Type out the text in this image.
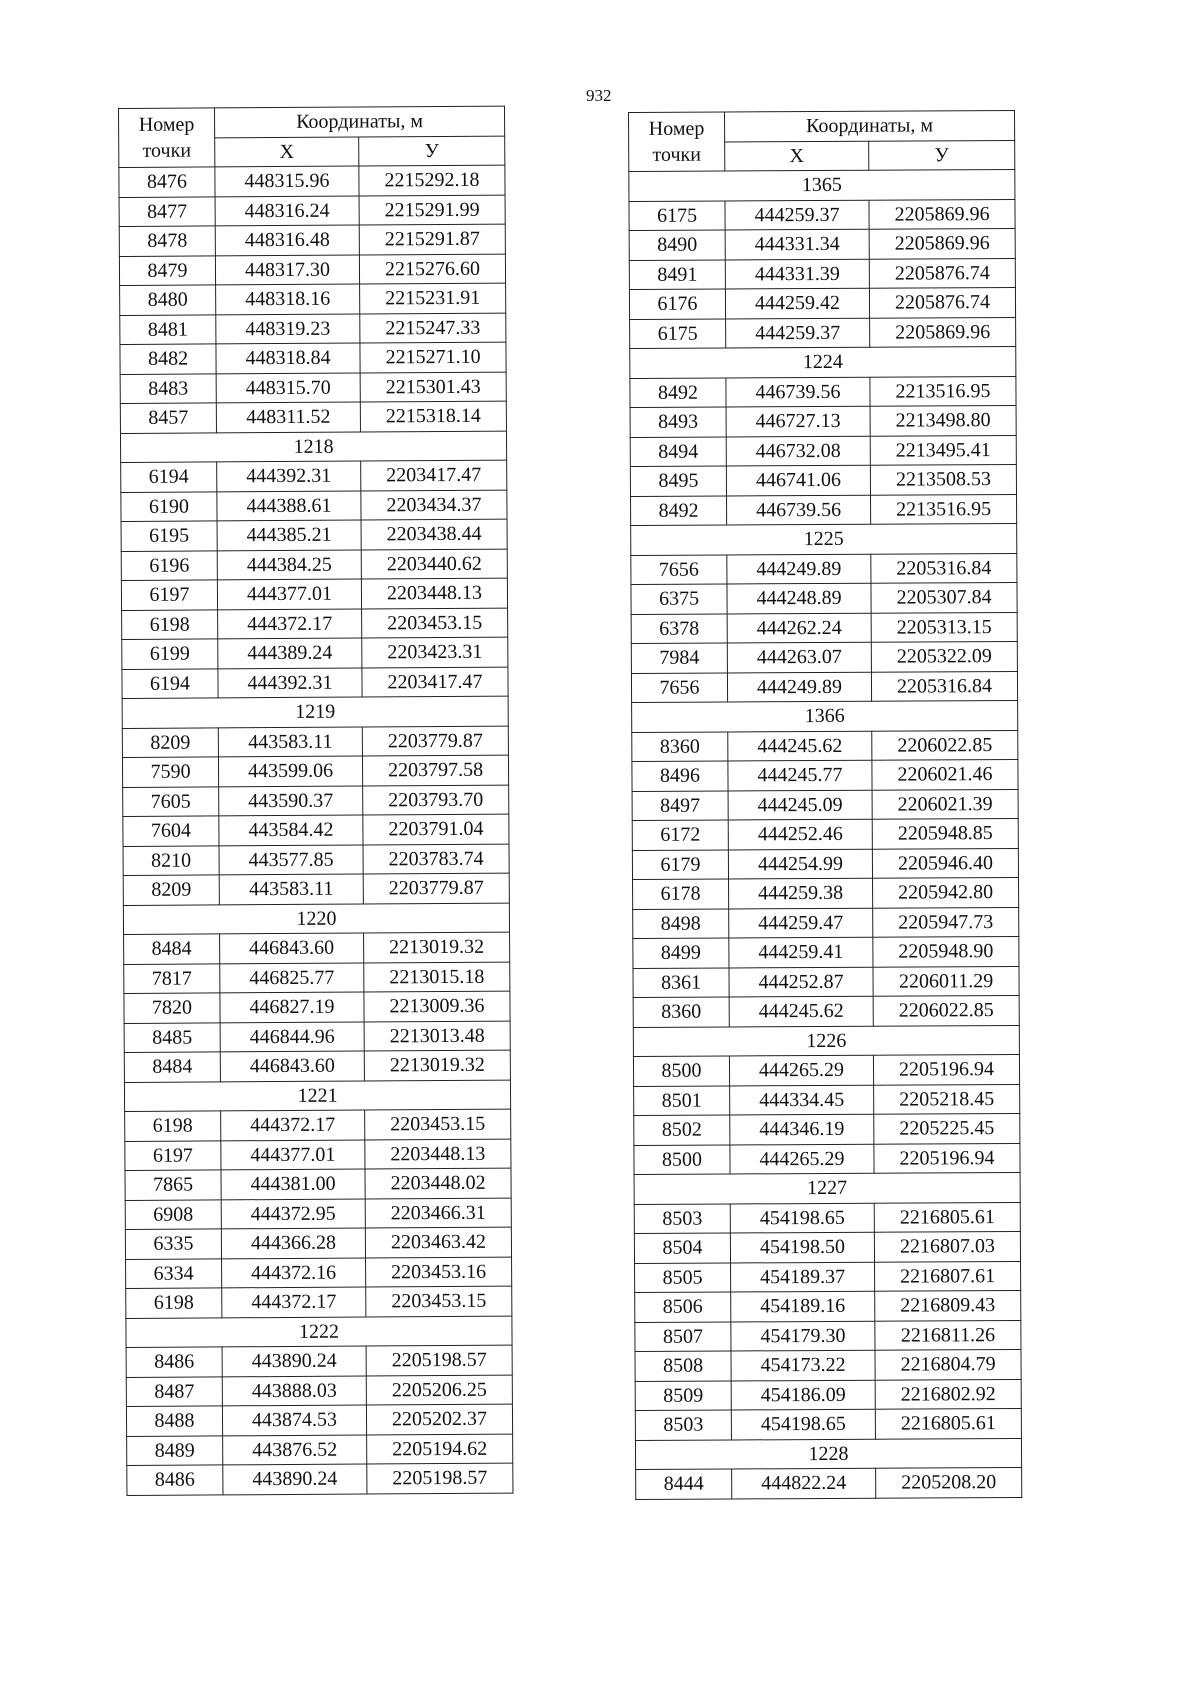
932
Номер
точки	Координаты, м	
	X	У
8476	448315.96	2215292.18
8477	448316.24	2215291.99
8478	448316.48	2215291.87
8479	448317.30	2215276.60
8480	448318.16	2215231.91
8481	448319.23	2215247.33
8482	448318.84	2215271.10
8483	448315.70	2215301.43
8457	448311.52	2215318.14
1218		
6194	444392.31	2203417.47
6190	444388.61	2203434.37
6195	444385.21	2203438.44
6196	444384.25	2203440.62
6197	444377.01	2203448.13
6198	444372.17	2203453.15
6199	444389.24	2203423.31
6194	444392.31	2203417.47
1219		
8209	443583.11	2203779.87
7590	443599.06	2203797.58
7605	443590.37	2203793.70
7604	443584.42	2203791.04
8210	443577.85	2203783.74
8209	443583.11	2203779.87
1220		
8484	446843.60	2213019.32
7817	446825.77	2213015.18
7820	446827.19	2213009.36
8485	446844.96	2213013.48
8484	446843.60	2213019.32
1221		
6198	444372.17	2203453.15
6197	444377.01	2203448.13
7865	444381.00	2203448.02
6908	444372.95	2203466.31
6335	444366.28	2203463.42
6334	444372.16	2203453.16
6198	444372.17	2203453.15
1222		
8486	443890.24	2205198.57
8487	443888.03	2205206.25
8488	443874.53	2205202.37
8489	443876.52	2205194.62
8486	443890.24	2205198.57
Номер
точки	Координаты, м	
	X	У
1365		
6175	444259.37	2205869.96
8490	444331.34	2205869.96
8491	444331.39	2205876.74
6176	444259.42	2205876.74
6175	444259.37	2205869.96
1224		
8492	446739.56	2213516.95
8493	446727.13	2213498.80
8494	446732.08	2213495.41
8495	446741.06	2213508.53
8492	446739.56	2213516.95
1225		
7656	444249.89	2205316.84
6375	444248.89	2205307.84
6378	444262.24	2205313.15
7984	444263.07	2205322.09
7656	444249.89	2205316.84
1366		
8360	444245.62	2206022.85
8496	444245.77	2206021.46
8497	444245.09	2206021.39
6172	444252.46	2205948.85
6179	444254.99	2205946.40
6178	444259.38	2205942.80
8498	444259.47	2205947.73
8499	444259.41	2205948.90
8361	444252.87	2206011.29
8360	444245.62	2206022.85
1226		
8500	444265.29	2205196.94
8501	444334.45	2205218.45
8502	444346.19	2205225.45
8500	444265.29	2205196.94
1227		
8503	454198.65	2216805.61
8504	454198.50	2216807.03
8505	454189.37	2216807.61
8506	454189.16	2216809.43
8507	454179.30	2216811.26
8508	454173.22	2216804.79
8509	454186.09	2216802.92
8503	454198.65	2216805.61
1228		
8444	444822.24	2205208.20
